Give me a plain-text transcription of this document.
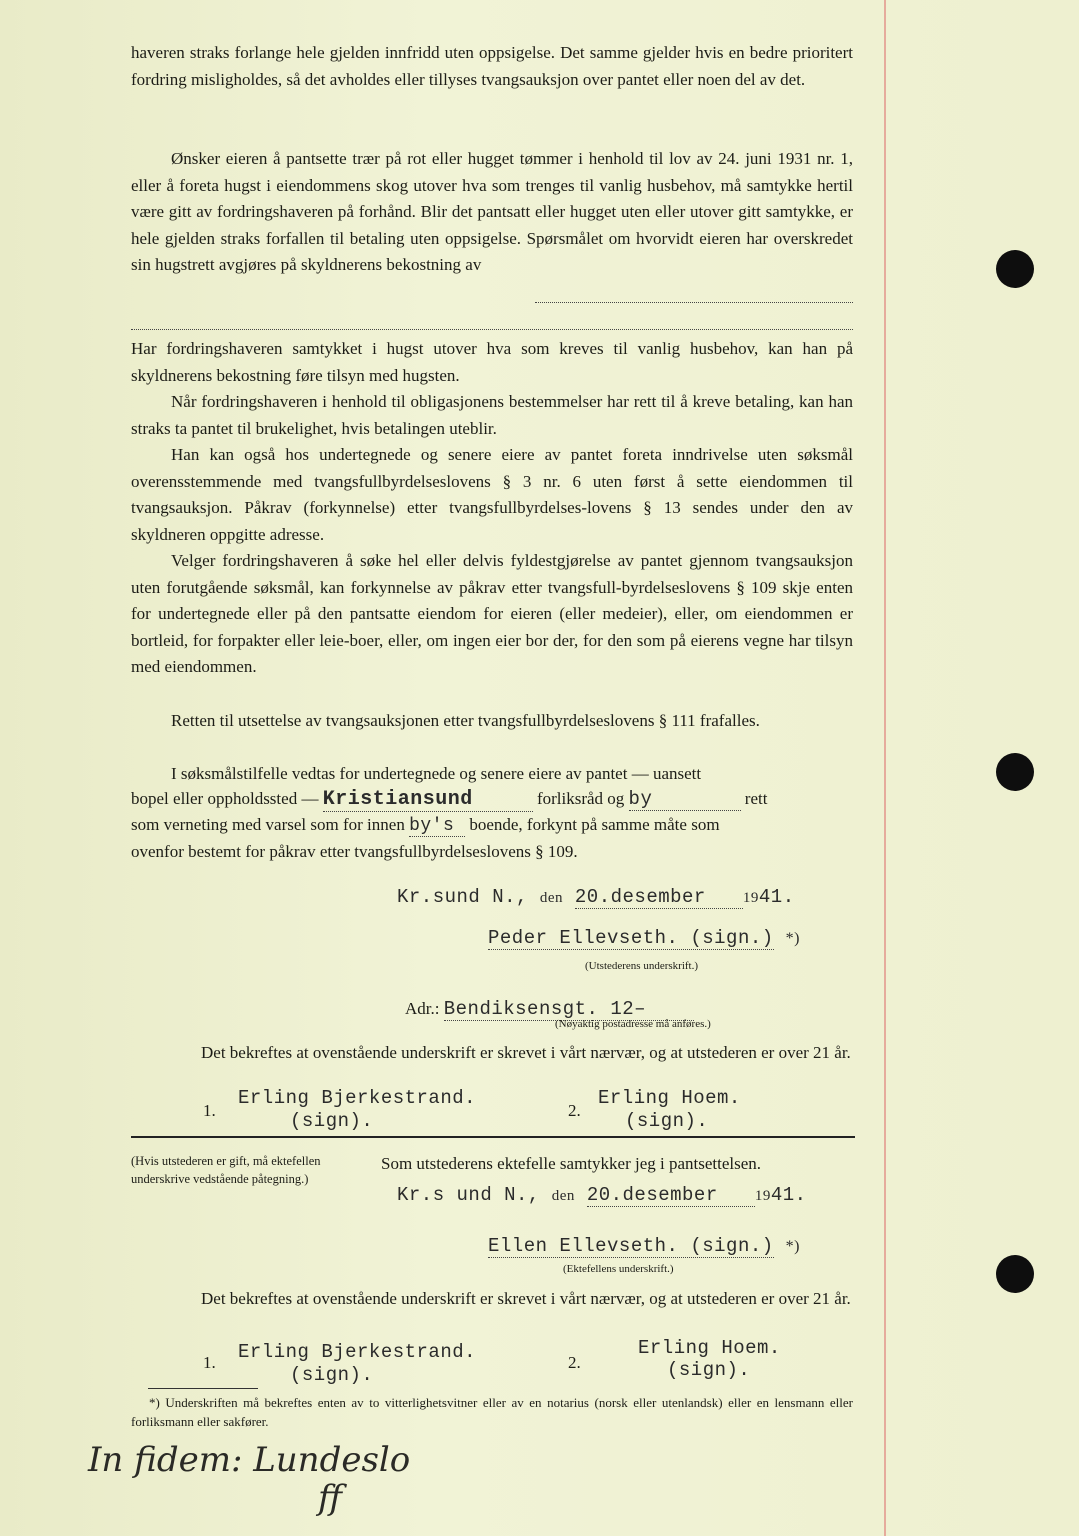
haveren straks forlange hele gjelden innfridd uten oppsigelse. Det samme gjelder hvis en bedre prioritert fordring misligholdes, så det avholdes eller tillyses tvangsauksjon over pantet eller noen del av det.

Ønsker eieren å pantsette trær på rot eller hugget tømmer i henhold til lov av 24. juni 1931 nr. 1, eller å foreta hugst i eiendommens skog utover hva som trenges til vanlig husbehov, må samtykke hertil være gitt av fordringshaveren på forhånd. Blir det pantsatt eller hugget uten eller utover gitt samtykke, er hele gjelden straks forfallen til betaling uten oppsigelse. Spørsmålet om hvorvidt eieren har overskredet sin hugstrett avgjøres på skyldnerens bekostning av

Har fordringshaveren samtykket i hugst utover hva som kreves til vanlig husbehov, kan han på skyldnerens bekostning føre tilsyn med hugsten.

Når fordringshaveren i henhold til obligasjonens bestemmelser har rett til å kreve betaling, kan han straks ta pantet til brukelighet, hvis betalingen uteblir.

Han kan også hos undertegnede og senere eiere av pantet foreta inndrivelse uten søksmål overensstemmende med tvangsfullbyrdelseslovens § 3 nr. 6 uten først å sette eiendommen til tvangsauksjon. Påkrav (forkynnelse) etter tvangsfullbyrdelses-lovens § 13 sendes under den av skyldneren oppgitte adresse.

Velger fordringshaveren å søke hel eller delvis fyldestgjørelse av pantet gjennom tvangsauksjon uten forutgående søksmål, kan forkynnelse av påkrav etter tvangsfull-byrdelseslovens § 109 skje enten for undertegnede eller på den pantsatte eiendom for eieren (eller medeier), eller, om eiendommen er bortleid, for forpakter eller leie-boer, eller, om ingen eier bor der, for den som på eierens vegne har tilsyn med eiendommen.

Retten til utsettelse av tvangsauksjonen etter tvangsfullbyrdelseslovens § 111 frafalles.

I søksmålstilfelle vedtas for undertegnede og senere eiere av pantet — uansett

bopel eller oppholdssted — Kristiansund	forliksråd og by	rett
som verneting med varsel som for innen by's boende, forkynt på samme måte som
ovenfor bestemt for påkrav etter tvangsfullbyrdelseslovens § 109.
Kr.sund N., den 20.desember 1941.
Peder Ellevseth. (sign.) *)
(Utstederens underskrift.)
Adr.: Bendiksensgt. 12–
(Nøyaktig postadresse må anføres.)

Det bekreftes at ovenstående underskrift er skrevet i vårt nærvær, og at utstederen er over 21 år.

1.
Erling Bjerkestrand.
(sign).	2.
Erling Hoem.
(sign).
(Hvis utstederen er gift, må ektefellen underskrive vedstående påtegning.)
Som utstederens ektefelle samtykker jeg i pantsettelsen.
Kr.s und N., den 20.desember 1941.
Ellen Ellevseth. (sign.) *)
(Ektefellens underskrift.)

Det bekreftes at ovenstående underskrift er skrevet i vårt nærvær, og at utstederen er over 21 år.

1. Erling Bjerkestrand.
(sign).
2.
Erling Hoem.
(sign).

*) Underskriften må bekreftes enten av to vitterlighetsvitner eller av en notarius (norsk eller utenlandsk) eller en lensmann eller forliksmann eller sakfører.

In fidem: Lundeslo
ff
